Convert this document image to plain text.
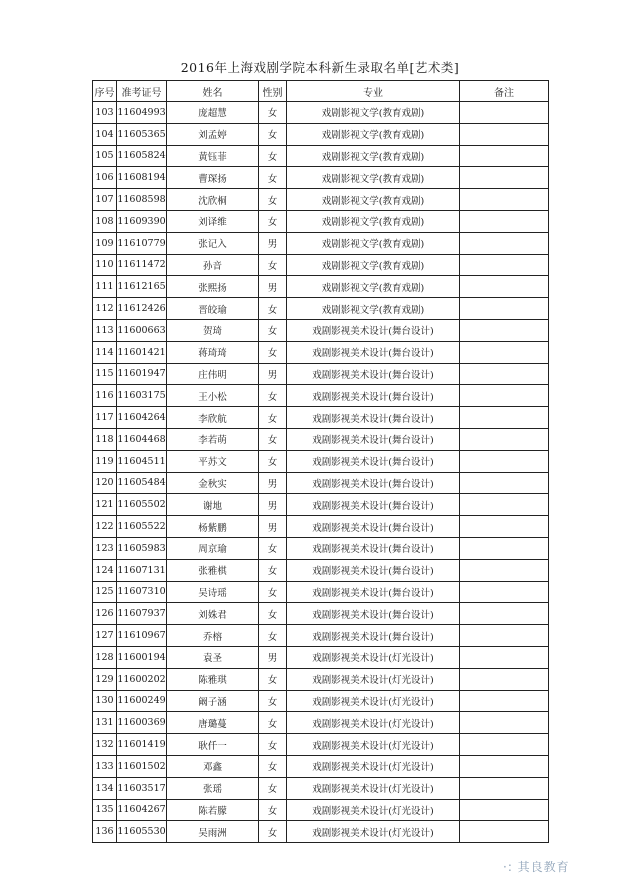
2016年上海戏剧学院本科新生录取名单[艺术类]
序号	准考证号	姓名	性别	专业	备注
103	11604993	庞超慧	女	戏剧影视文学(教育戏剧)	
104	11605365	刘孟婷	女	戏剧影视文学(教育戏剧)	
105	11605824	黄钰菲	女	戏剧影视文学(教育戏剧)	
106	11608194	曹琛扬	女	戏剧影视文学(教育戏剧)	
107	11608598	沈欣桐	女	戏剧影视文学(教育戏剧)	
108	11609390	刘译维	女	戏剧影视文学(教育戏剧)	
109	11610779	张记入	男	戏剧影视文学(教育戏剧)	
110	11611472	孙音	女	戏剧影视文学(教育戏剧)	
111	11612165	张熙扬	男	戏剧影视文学(教育戏剧)	
112	11612426	晋皎瑜	女	戏剧影视文学(教育戏剧)	
113	11600663	贺琦	女	戏剧影视美术设计(舞台设计)	
114	11601421	蒋琦琦	女	戏剧影视美术设计(舞台设计)	
115	11601947	庄伟明	男	戏剧影视美术设计(舞台设计)	
116	11603175	王小松	女	戏剧影视美术设计(舞台设计)	
117	11604264	李欣航	女	戏剧影视美术设计(舞台设计)	
118	11604468	李若萌	女	戏剧影视美术设计(舞台设计)	
119	11604511	平苏文	女	戏剧影视美术设计(舞台设计)	
120	11605484	金秋实	男	戏剧影视美术设计(舞台设计)	
121	11605502	谢地	男	戏剧影视美术设计(舞台设计)	
122	11605522	杨紫鹏	男	戏剧影视美术设计(舞台设计)	
123	11605983	周京瑜	女	戏剧影视美术设计(舞台设计)	
124	11607131	张雅棋	女	戏剧影视美术设计(舞台设计)	
125	11607310	吴诗瑶	女	戏剧影视美术设计(舞台设计)	
126	11607937	刘姝君	女	戏剧影视美术设计(舞台设计)	
127	11610967	乔榕	女	戏剧影视美术设计(舞台设计)	
128	11600194	袁圣	男	戏剧影视美术设计(灯光设计)	
129	11600202	陈雅琪	女	戏剧影视美术设计(灯光设计)	
130	11600249	阚子涵	女	戏剧影视美术设计(灯光设计)	
131	11600369	唐璐蔓	女	戏剧影视美术设计(灯光设计)	
132	11601419	耿仟一	女	戏剧影视美术设计(灯光设计)	
133	11601502	邓鑫	女	戏剧影视美术设计(灯光设计)	
134	11603517	张瑶	女	戏剧影视美术设计(灯光设计)	
135	11604267	陈若朦	女	戏剧影视美术设计(灯光设计)	
136	11605530	吴雨洲	女	戏剧影视美术设计(灯光设计)	
·: 其良教育
